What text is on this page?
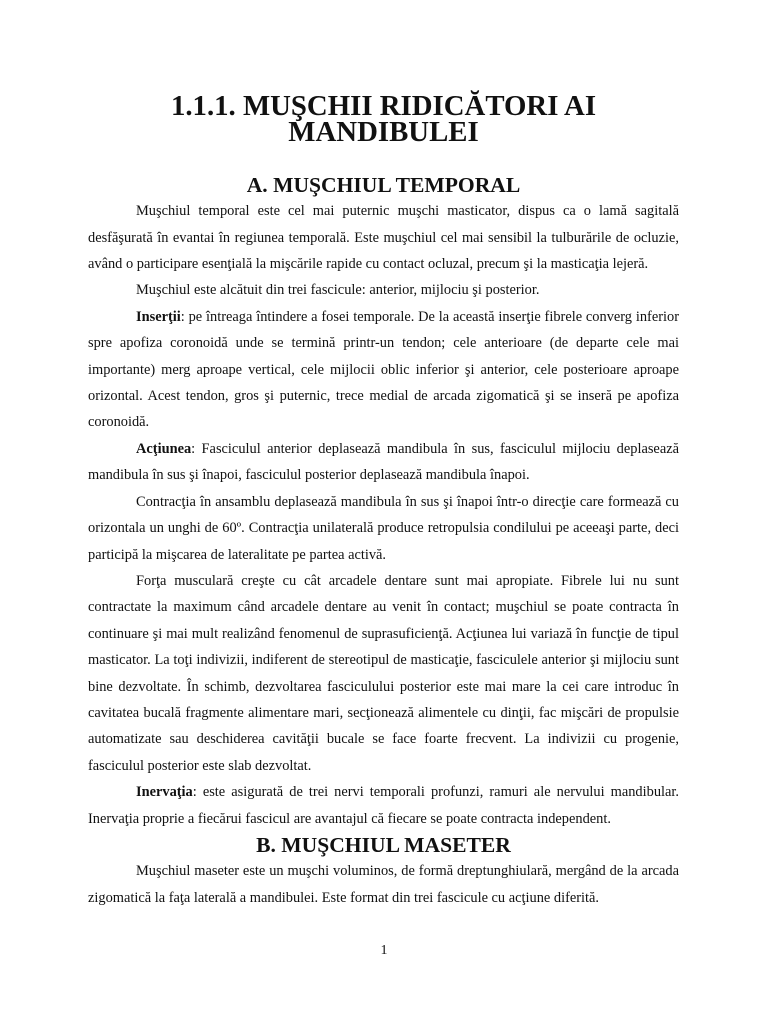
1.1.1. MUŞCHII RIDICĂTORI AI MANDIBULEI
A. MUŞCHIUL TEMPORAL

Muşchiul temporal este cel mai puternic muşchi masticator, dispus ca o lamă sagitală desfăşurată în evantai în regiunea temporală. Este muşchiul cel mai sensibil la tulburările de ocluzie, având o participare esenţială la mişcările rapide cu contact ocluzal, precum şi la masticaţia lejeră.

Muşchiul este alcătuit din trei fascicule: anterior, mijlociu şi posterior.

Inserţii: pe întreaga întindere a fosei temporale. De la această inserţie fibrele converg inferior spre apofiza coronoidă unde se termină printr-un tendon; cele anterioare (de departe cele mai importante) merg aproape vertical, cele mijlocii oblic inferior şi anterior, cele posterioare aproape orizontal. Acest tendon, gros şi puternic, trece medial de arcada zigomatică şi se inseră pe apofiza coronoidă.

Acţiunea: Fasciculul anterior deplasează mandibula în sus, fasciculul mijlociu deplasează mandibula în sus şi înapoi, fasciculul posterior deplasează mandibula înapoi.

Contracţia în ansamblu deplasează mandibula în sus şi înapoi într-o direcţie care formează cu orizontala un unghi de 60º. Contracţia unilaterală produce retropulsia condilului pe aceeaşi parte, deci participă la mişcarea de lateralitate pe partea activă.

Forţa musculară creşte cu cât arcadele dentare sunt mai apropiate. Fibrele lui nu sunt contractate la maximum când arcadele dentare au venit în contact; muşchiul se poate contracta în continuare şi mai mult realizând fenomenul de suprasuficienţă. Acţiunea lui variază în funcţie de tipul masticator. La toţi indivizii, indiferent de stereotipul de masticaţie, fasciculele anterior şi mijlociu sunt bine dezvoltate. În schimb, dezvoltarea fasciculului posterior este mai mare la cei care introduc în cavitatea bucală fragmente alimentare mari, secţionează alimentele cu dinţii, fac mişcări de propulsie automatizate sau deschiderea cavităţii bucale se face foarte frecvent. La indivizii cu progenie, fasciculul posterior este slab dezvoltat.

Inervaţia: este asigurată de trei nervi temporali profunzi, ramuri ale nervului mandibular. Inervaţia proprie a fiecărui fascicul are avantajul că fiecare se poate contracta independent.

B. MUŞCHIUL MASETER

Muşchiul maseter este un muşchi voluminos, de formă dreptunghiulară, mergând de la arcada zigomatică la faţa laterală a mandibulei. Este format din trei fascicule cu acţiune diferită.

1
